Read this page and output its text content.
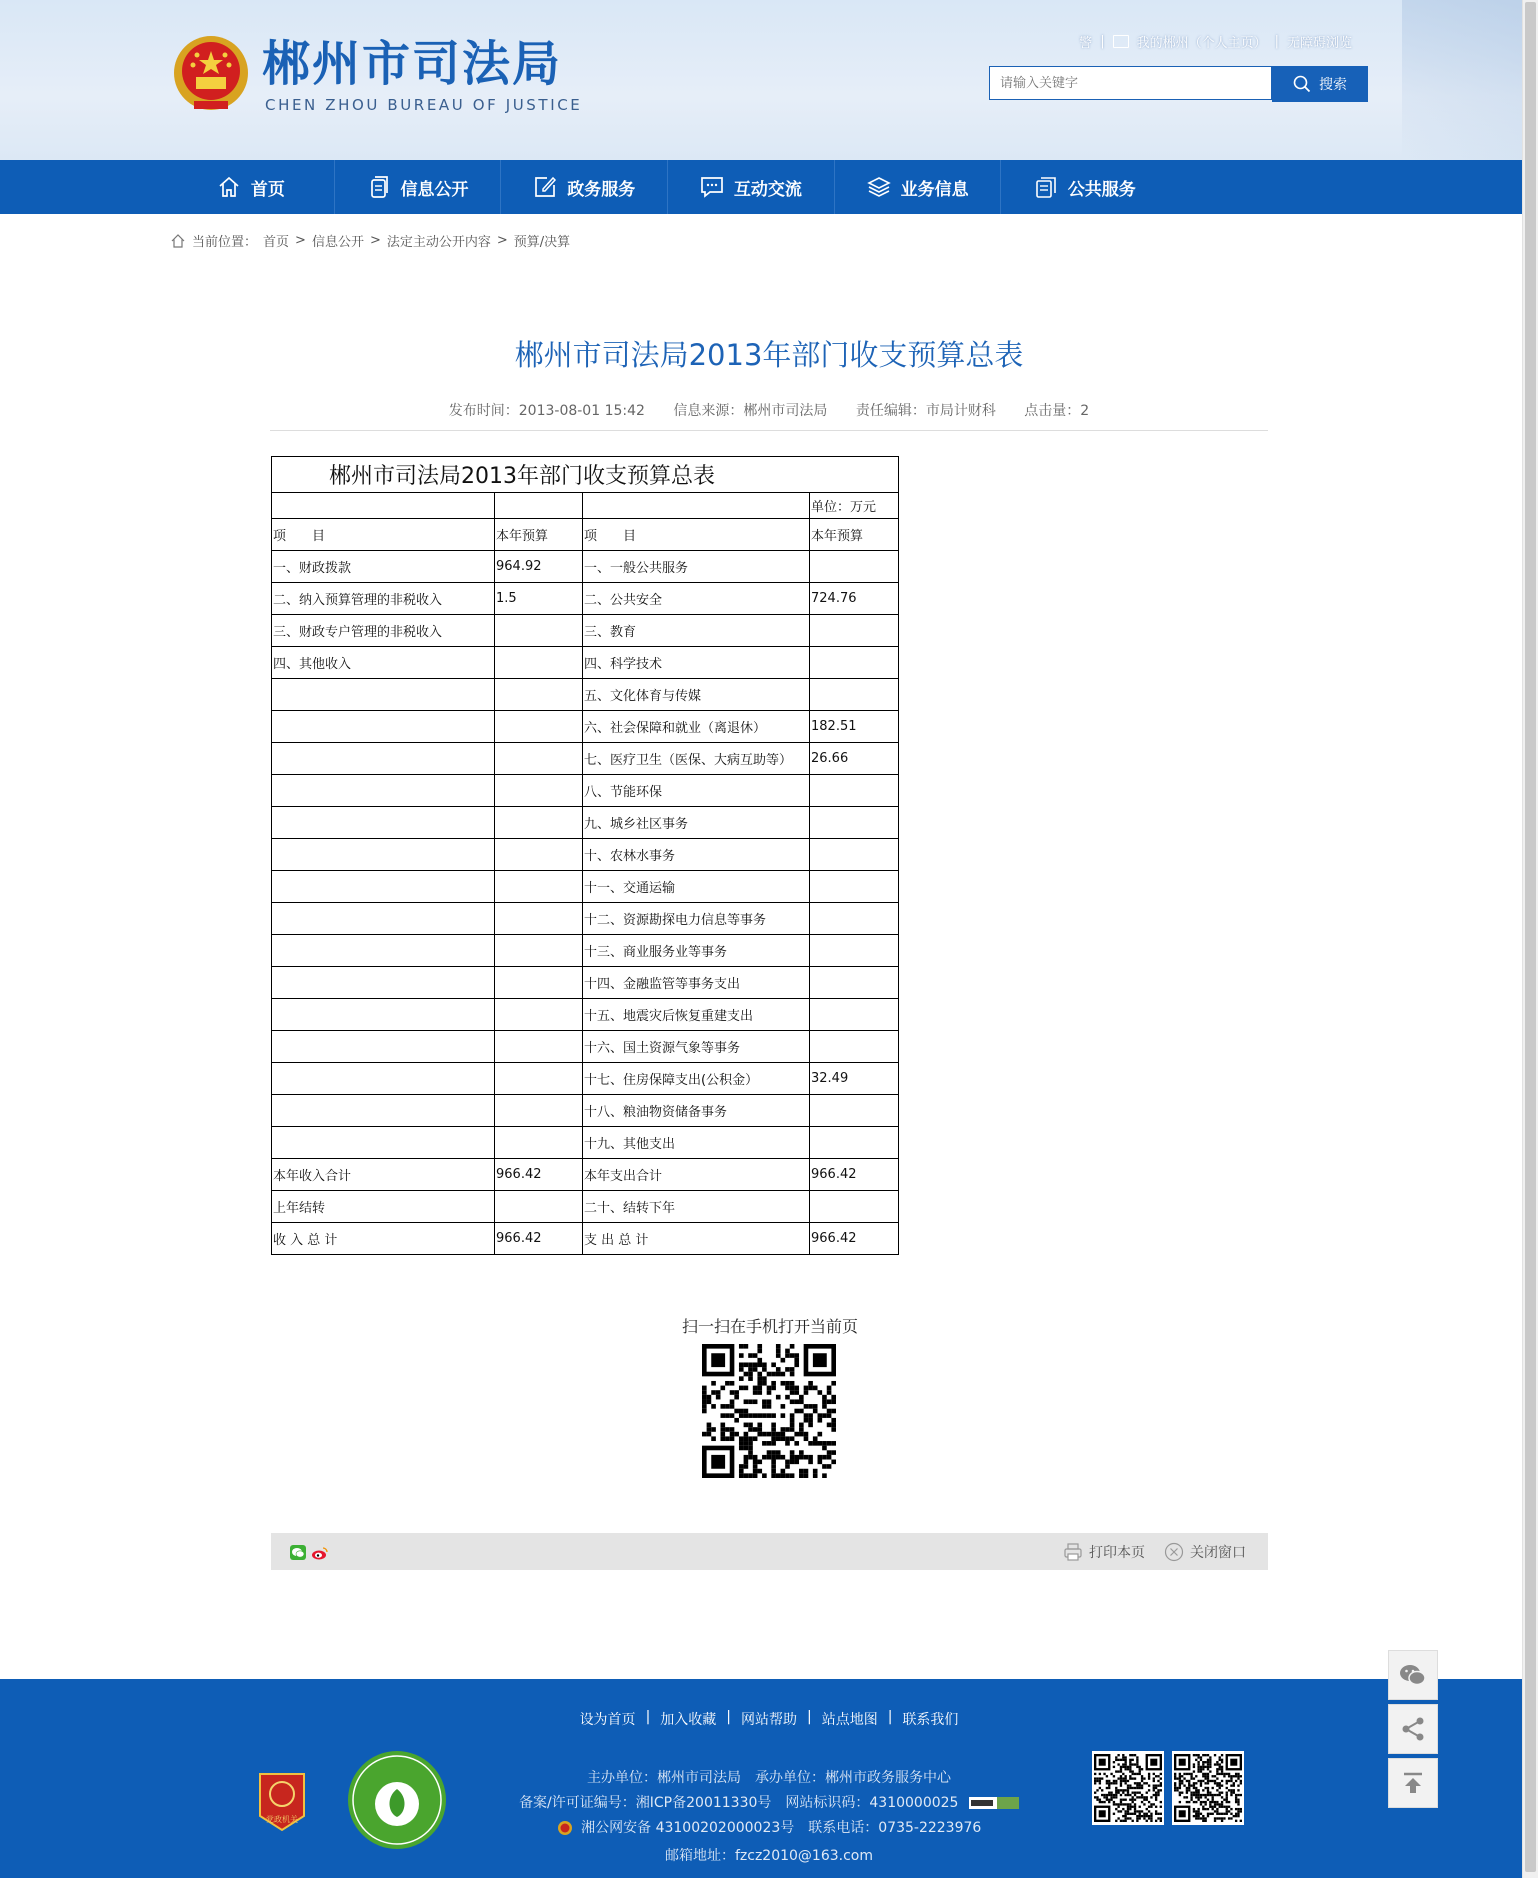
郴州市司法局
CHEN ZHOU BUREAU OF JUSTICE
警 | 我的郴州（个人主页） | 无障碍浏览
请输入关键字
搜索
首页	信息公开	政务服务	互动交流	业务信息	公共服务
当前位置： 首页 > 信息公开 > 法定主动公开内容 > 预算/决算
郴州市司法局2013年部门收支预算总表
发布时间：2013-08-01 15:42 信息来源：郴州市司法局 责任编辑：市局计财科 点击量：2
郴州市司法局2013年部门收支预算总表			
			单位：万元
项　　目	本年预算	项　　目	本年预算
一、财政拨款	964.92	一、一般公共服务	
二、纳入预算管理的非税收入	1.5	二、公共安全	724.76
三、财政专户管理的非税收入		三、教育	
四、其他收入		四、科学技术	
		五、文化体育与传媒	
		六、社会保障和就业（离退休）	182.51
		七、医疗卫生（医保、大病互助等）	26.66
		八、节能环保	
		九、城乡社区事务	
		十、农林水事务	
		十一、交通运输	
		十二、资源勘探电力信息等事务	
		十三、商业服务业等事务	
		十四、金融监管等事务支出	
		十五、地震灾后恢复重建支出	
		十六、国土资源气象等事务	
		十七、住房保障支出(公积金）	32.49
		十八、粮油物资储备事务	
		十九、其他支出	
本年收入合计	966.42	本年支出合计	966.42
上年结转		二十、结转下年	
收 入 总 计	966.42	支 出 总 计	966.42
扫一扫在手机打开当前页
打印本页	关闭窗口
设为首页 | 加入收藏 | 网站帮助 | 站点地图 | 联系我们
党政机关
主办单位：郴州市司法局　承办单位：郴州市政务服务中心
备案/许可证编号：湘ICP备20011330号　网站标识码：4310000025
湘公网安备 43100202000023号　联系电话：0735-2223976
邮箱地址：fzcz2010@163.com
